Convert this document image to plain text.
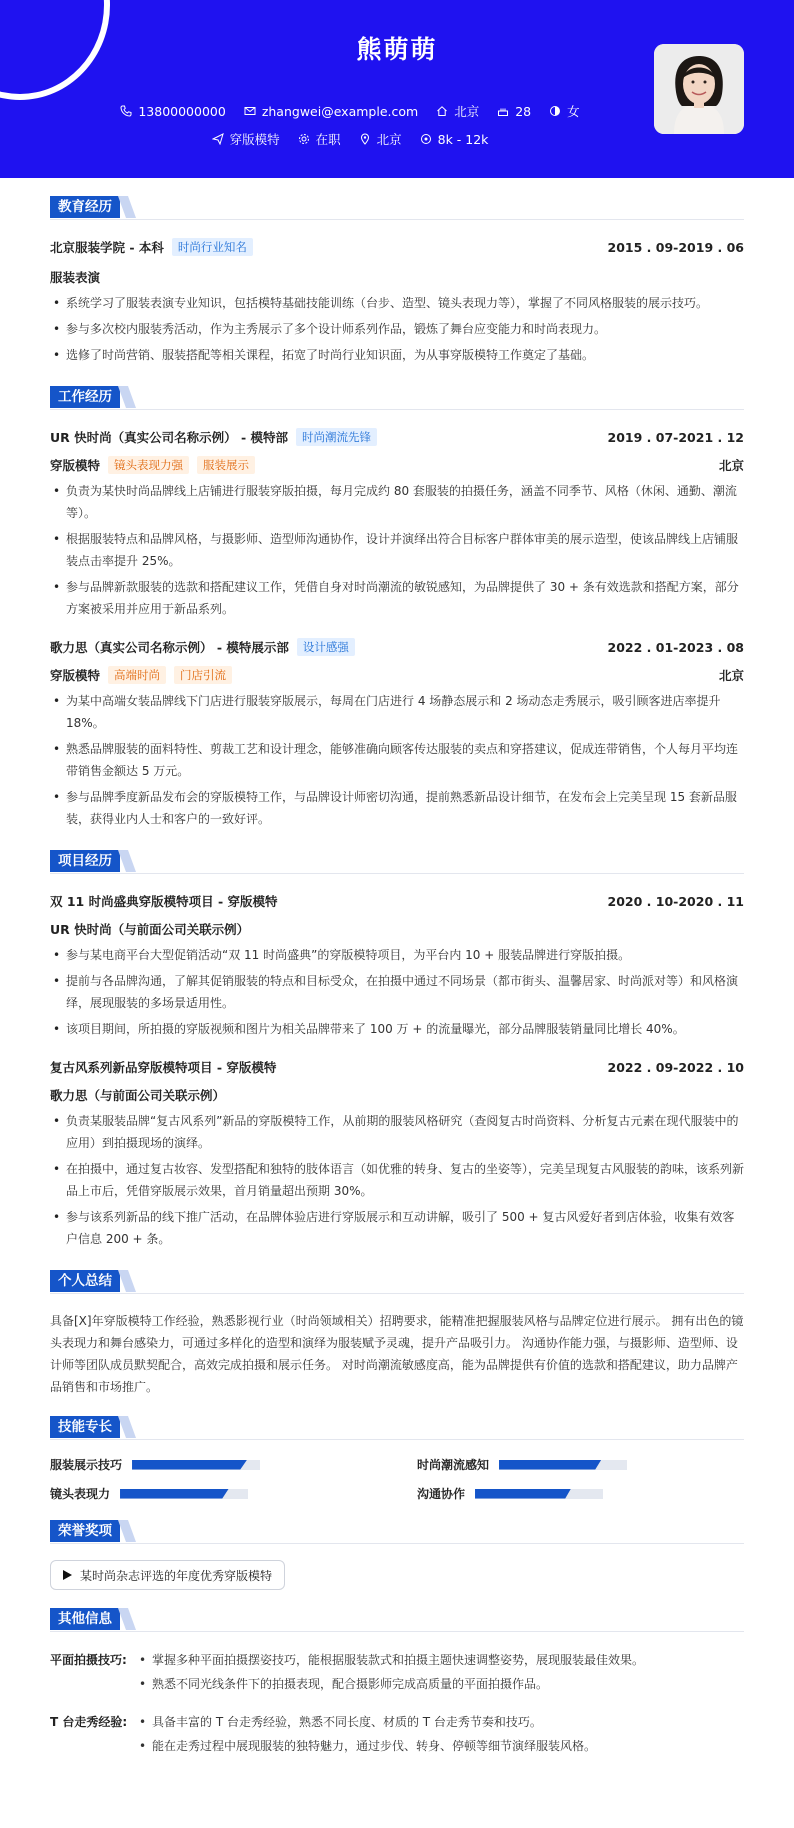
熊萌萌
13800000000	zhangwei@example.com	北京	28	女
穿版模特	在职	北京	8k - 12k
教育经历
北京服装学院 - 本科	时尚行业知名	2015 . 09-2019 . 06
服装表演
• 系统学习了服装表演专业知识，包括模特基础技能训练（台步、造型、镜头表现力等），掌握了不同风格服装的展示技巧。
• 参与多次校内服装秀活动，作为主秀展示了多个设计师系列作品，锻炼了舞台应变能力和时尚表现力。
• 选修了时尚营销、服装搭配等相关课程，拓宽了时尚行业知识面，为从事穿版模特工作奠定了基础。
工作经历
UR 快时尚（真实公司名称示例） - 模特部	时尚潮流先锋	2019 . 07-2021 . 12
穿版模特	镜头表现力强	服装展示	北京
• 负责为某快时尚品牌线上店铺进行服装穿版拍摄，每月完成约 80 套服装的拍摄任务，涵盖不同季节、风格（休闲、通勤、潮流等）。
• 根据服装特点和品牌风格，与摄影师、造型师沟通协作，设计并演绎出符合目标客户群体审美的展示造型，使该品牌线上店铺服装点击率提升 25%。
• 参与品牌新款服装的选款和搭配建议工作，凭借自身对时尚潮流的敏锐感知，为品牌提供了 30 + 条有效选款和搭配方案，部分方案被采用并应用于新品系列。
歌力思（真实公司名称示例） - 模特展示部	设计感强	2022 . 01-2023 . 08
穿版模特	高端时尚	门店引流	北京
• 为某中高端女装品牌线下门店进行服装穿版展示，每周在门店进行 4 场静态展示和 2 场动态走秀展示，吸引顾客进店率提升 18%。
• 熟悉品牌服装的面料特性、剪裁工艺和设计理念，能够准确向顾客传达服装的卖点和穿搭建议，促成连带销售，个人每月平均连带销售金额达 5 万元。
• 参与品牌季度新品发布会的穿版模特工作，与品牌设计师密切沟通，提前熟悉新品设计细节，在发布会上完美呈现 15 套新品服装，获得业内人士和客户的一致好评。
项目经历
双 11 时尚盛典穿版模特项目 - 穿版模特	2020 . 10-2020 . 11
UR 快时尚（与前面公司关联示例）
• 参与某电商平台大型促销活动“双 11 时尚盛典”的穿版模特项目，为平台内 10 + 服装品牌进行穿版拍摄。
• 提前与各品牌沟通，了解其促销服装的特点和目标受众，在拍摄中通过不同场景（都市街头、温馨居家、时尚派对等）和风格演绎，展现服装的多场景适用性。
• 该项目期间，所拍摄的穿版视频和图片为相关品牌带来了 100 万 + 的流量曝光，部分品牌服装销量同比增长 40%。
复古风系列新品穿版模特项目 - 穿版模特	2022 . 09-2022 . 10
歌力思（与前面公司关联示例）
• 负责某服装品牌“复古风系列”新品的穿版模特工作，从前期的服装风格研究（查阅复古时尚资料、分析复古元素在现代服装中的应用）到拍摄现场的演绎。
• 在拍摄中，通过复古妆容、发型搭配和独特的肢体语言（如优雅的转身、复古的坐姿等），完美呈现复古风服装的韵味，该系列新品上市后，凭借穿版展示效果，首月销量超出预期 30%。
• 参与该系列新品的线下推广活动，在品牌体验店进行穿版展示和互动讲解，吸引了 500 + 复古风爱好者到店体验，收集有效客户信息 200 + 条。
个人总结

具备[X]年穿版模特工作经验，熟悉影视行业（时尚领域相关）招聘要求，能精准把握服装风格与品牌定位进行展示。 拥有出色的镜头表现力和舞台感染力，可通过多样化的造型和演绎为服装赋予灵魂，提升产品吸引力。 沟通协作能力强，与摄影师、造型师、设计师等团队成员默契配合，高效完成拍摄和展示任务。 对时尚潮流敏感度高，能为品牌提供有价值的选款和搭配建议，助力品牌产品销售和市场推广。

技能专长
服装展示技巧	时尚潮流感知
镜头表现力	沟通协作
荣誉奖项
某时尚杂志评选的年度优秀穿版模特
其他信息
平面拍摄技巧:	• 掌握多种平面拍摄摆姿技巧，能根据服装款式和拍摄主题快速调整姿势，展现服装最佳效果。
• 熟悉不同光线条件下的拍摄表现，配合摄影师完成高质量的平面拍摄作品。
T 台走秀经验:	• 具备丰富的 T 台走秀经验，熟悉不同长度、材质的 T 台走秀节奏和技巧。
• 能在走秀过程中展现服装的独特魅力，通过步伐、转身、停顿等细节演绎服装风格。
